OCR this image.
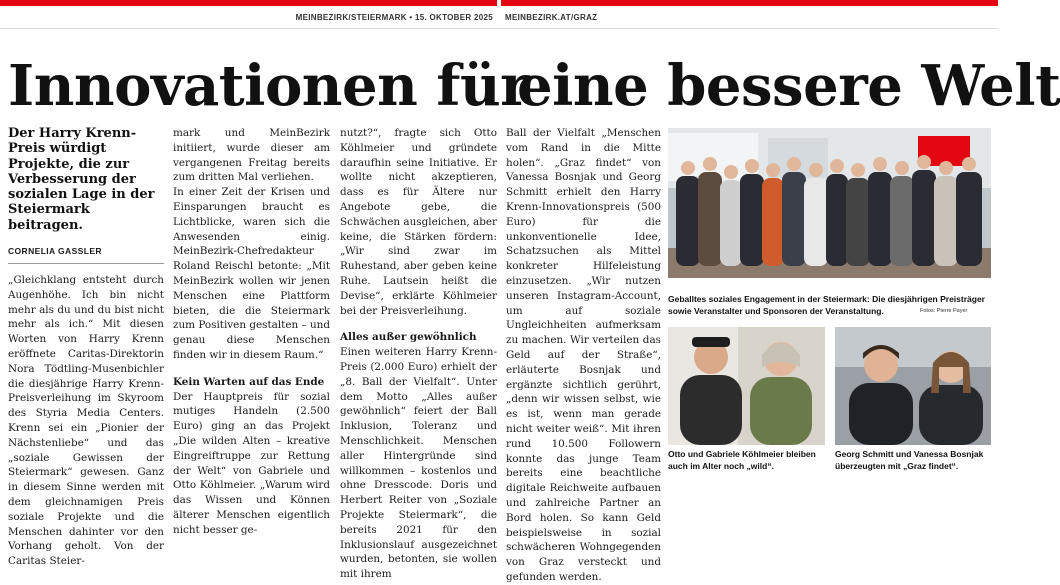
MEINBEZIRK/STEIERMARK • 15. OKTOBER 2025 MEINBEZIRK.AT/GRAZ
Innovationen für
eine bessere Welt

Der Harry Krenn-Preis würdigt Projekte, die zur Verbesserung der sozialen Lage in der Steiermark beitragen.

CORNELIA GASSLER

„Gleichklang entsteht durch Augenhöhe. Ich bin nicht mehr als du und du bist nicht mehr als ich.“ Mit diesen Worten von Harry Krenn eröffnete Caritas-Direktorin Nora Tödtling-Musenbichler die diesjährige Harry Krenn-Preisverleihung im Skyroom des Styria Media Centers. Krenn sei ein „Pionier der Nächstenliebe“ und das „soziale Gewissen der Steiermark“ gewesen. Ganz in diesem Sinne werden mit dem gleichnamigen Preis soziale Projekte und die Menschen dahinter vor den Vorhang geholt. Von der Caritas Steier-

mark und MeinBezirk initiiert, wurde dieser am vergangenen Freitag bereits zum dritten Mal verliehen.

In einer Zeit der Krisen und Einsparungen braucht es Lichtblicke, waren sich die Anwesenden einig. MeinBezirk-Chefredakteur Roland Reischl betonte: „Mit MeinBezirk wollen wir jenen Menschen eine Plattform bieten, die die Steiermark zum Positiven gestalten – und genau diese Menschen finden wir in diesem Raum.“

Kein Warten auf das Ende

Der Hauptpreis für sozial mutiges Handeln (2.500 Euro) ging an das Projekt „Die wilden Alten – kreative Eingreiftruppe zur Rettung der Welt“ von Gabriele und Otto Köhlmeier. „Warum wird das Wissen und Können älterer Menschen eigentlich nicht besser ge-

nutzt?“, fragte sich Otto Köhlmeier und gründete daraufhin seine Initiative. Er wollte nicht akzeptieren, dass es für Ältere nur Angebote gebe, die Schwächen ausgleichen, aber keine, die Stärken fördern: „Wir sind zwar im Ruhestand, aber geben keine Ruhe. Lautsein heißt die Devise“, erklärte Köhlmeier bei der Preisverleihung.

Alles außer gewöhnlich

Einen weiteren Harry Krenn-Preis (2.000 Euro) erhielt der „8. Ball der Vielfalt“. Unter dem Motto „Alles außer gewöhnlich“ feiert der Ball Inklusion, Toleranz und Menschlichkeit. Menschen aller Hintergründe sind willkommen – kostenlos und ohne Dresscode. Doris und Herbert Reiter von „Soziale Projekte Steiermark“, die bereits 2021 für den Inklusionslauf ausgezeichnet wurden, betonten, sie wollen mit ihrem

Ball der Vielfalt „Menschen vom Rand in die Mitte holen“. „Graz findet“ von Vanessa Bosnjak und Georg Schmitt erhielt den Harry Krenn-Innovationspreis (500 Euro) für die unkonventionelle Idee, Schatzsuchen als Mittel konkreter Hilfeleistung einzusetzen. „Wir nutzen unseren Instagram-Account, um auf soziale Ungleichheiten aufmerksam zu machen. Wir verteilen das Geld auf der Straße“, erläuterte Bosnjak und ergänzte sichtlich gerührt, „denn wir wissen selbst, wie es ist, wenn man gerade nicht weiter weiß“. Mit ihren rund 10.500 Followern konnte das junge Team bereits eine beachtliche digitale Reichweite aufbauen und zahlreiche Partner an Bord holen. So kann Geld beispielsweise in sozial schwächeren Wohngegenden von Graz versteckt und gefunden werden.

Geballtes soziales Engagement in der Steiermark: Die diesjährigen Preisträger sowie Veranstalter und Sponsoren der Veranstaltung.	Fotos: Pierre Payer
Otto und Gabriele Köhlmeier bleiben auch im Alter noch „wild“.
Georg Schmitt und Vanessa Bosnjak überzeugten mit „Graz findet“.
